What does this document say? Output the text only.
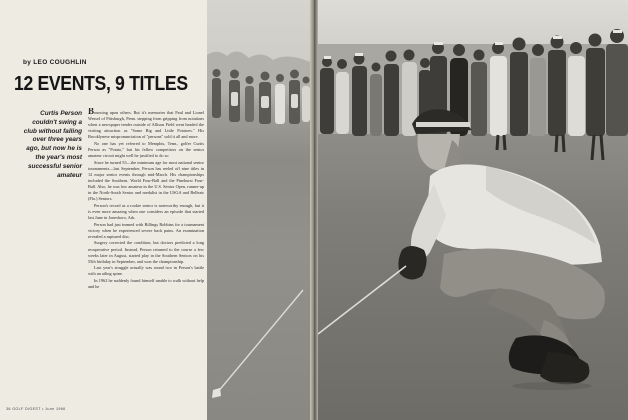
by LEO COUGHLIN
12 EVENTS, 9 TITLES
Curtis Person couldn't swing a club without falling over three years ago, but now he is the year's most successful senior amateur

Bouncing upon others. But it's memories that Paul and Lionel Wessel of Pittsburgh, Penn. stepping from gripping from notations when a newspaper tender outside of Allison Field went headed the visiting attraction as "Some Big and Little Potatoes." His Brooklynese mispronunciation of "persons" sold it all and more.

No one has yet referred to Memphis, Tenn., golfer Curtis Person as "Potato," but his fellow competitors on the senior amateur circuit might well be justified to do so.

Since he turned 55—the minimum age for most national senior tournaments—last September, Person has reeled off nine titles in 12 major senior events through mid-March. His championships included the Southern, World Four-Ball and the Pinehurst Four-Ball. Also, he was low amateur in the U.S. Senior Open, runner-up in the North-South Senior and medalist in the USGA and Belleair (Fla.) Seniors.

Person's record as a rookie senior is noteworthy enough, but it is even more amazing when one considers an episode that started last June in Jonesboro, Ark.

Person had just teamed with Billings Robbins for a tournament victory when he experienced severe back pains. An examination revealed a ruptured disc.

Surgery corrected the condition, but doctors predicted a long recuperative period. Instead, Person returned to the course a few weeks later in August, started play in the Southern Seniors on his 55th birthday in September, and won the championship.

Last year's struggle actually was round two in Person's battle with an ailing spine.

In 1962 he suddenly found himself unable to walk without help and he

36 GOLF DIGEST • June 1966
